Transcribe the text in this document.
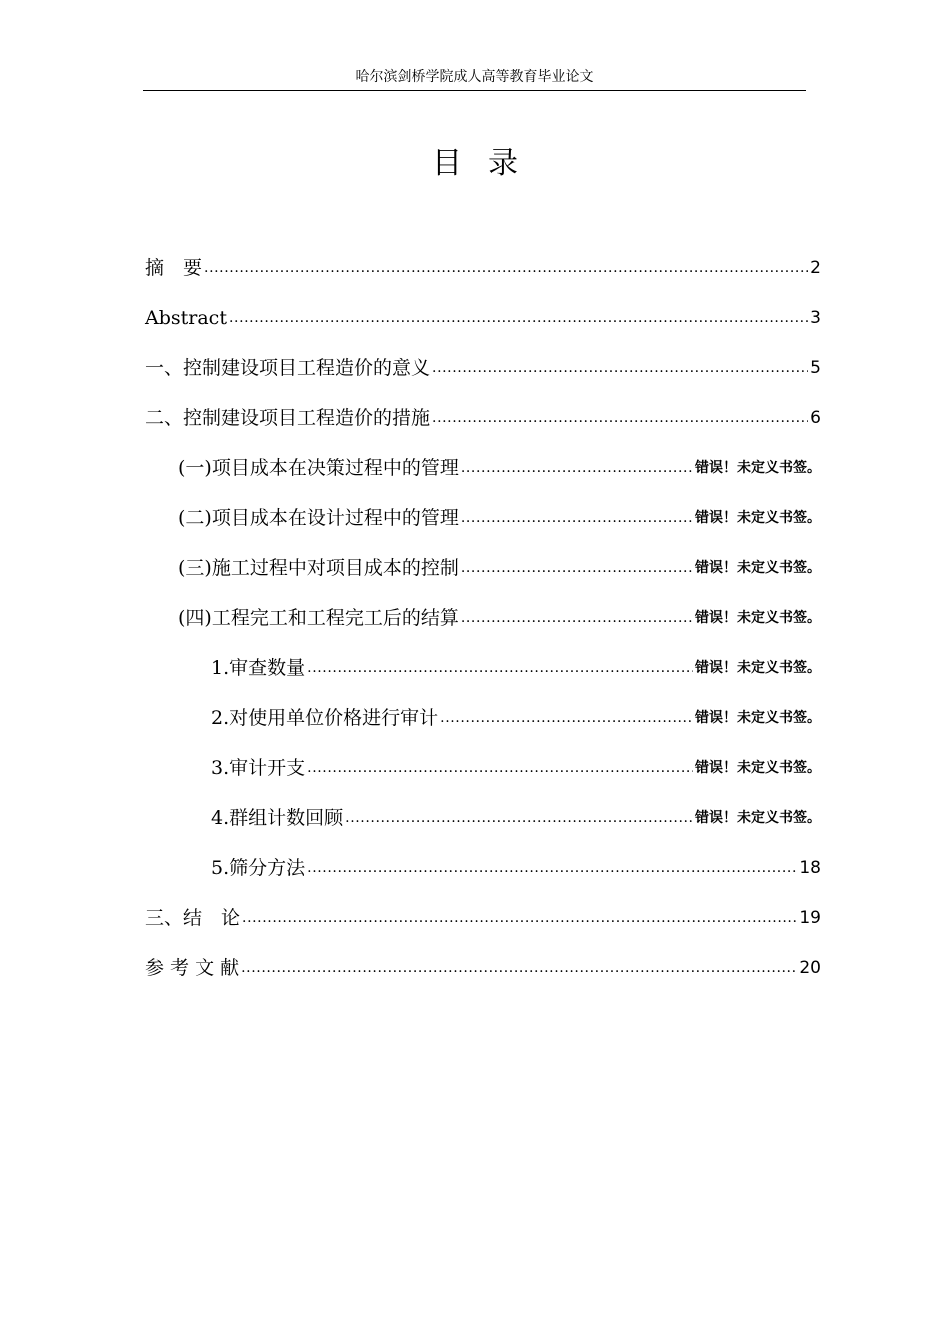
哈尔滨剑桥学院成人高等教育毕业论文
目录
摘　要 .....	2
Abstract .....	3
一、控制建设项目工程造价的意义 .....	5
二、控制建设项目工程造价的措施 .....	6
(一)项目成本在决策过程中的管理 .....	错误！未定义书签。
(二)项目成本在设计过程中的管理 .....	错误！未定义书签。
(三)施工过程中对项目成本的控制 .....	错误！未定义书签。
(四)工程完工和工程完工后的结算 .....	错误！未定义书签。
1.审查数量 .....	错误！未定义书签。
2.对使用单位价格进行审计 .....	错误！未定义书签。
3.审计开支 .....	错误！未定义书签。
4.群组计数回顾 .....	错误！未定义书签。
5.筛分方法 .....	18
三、结　论 .....	19
参 考 文 献 .....	20
